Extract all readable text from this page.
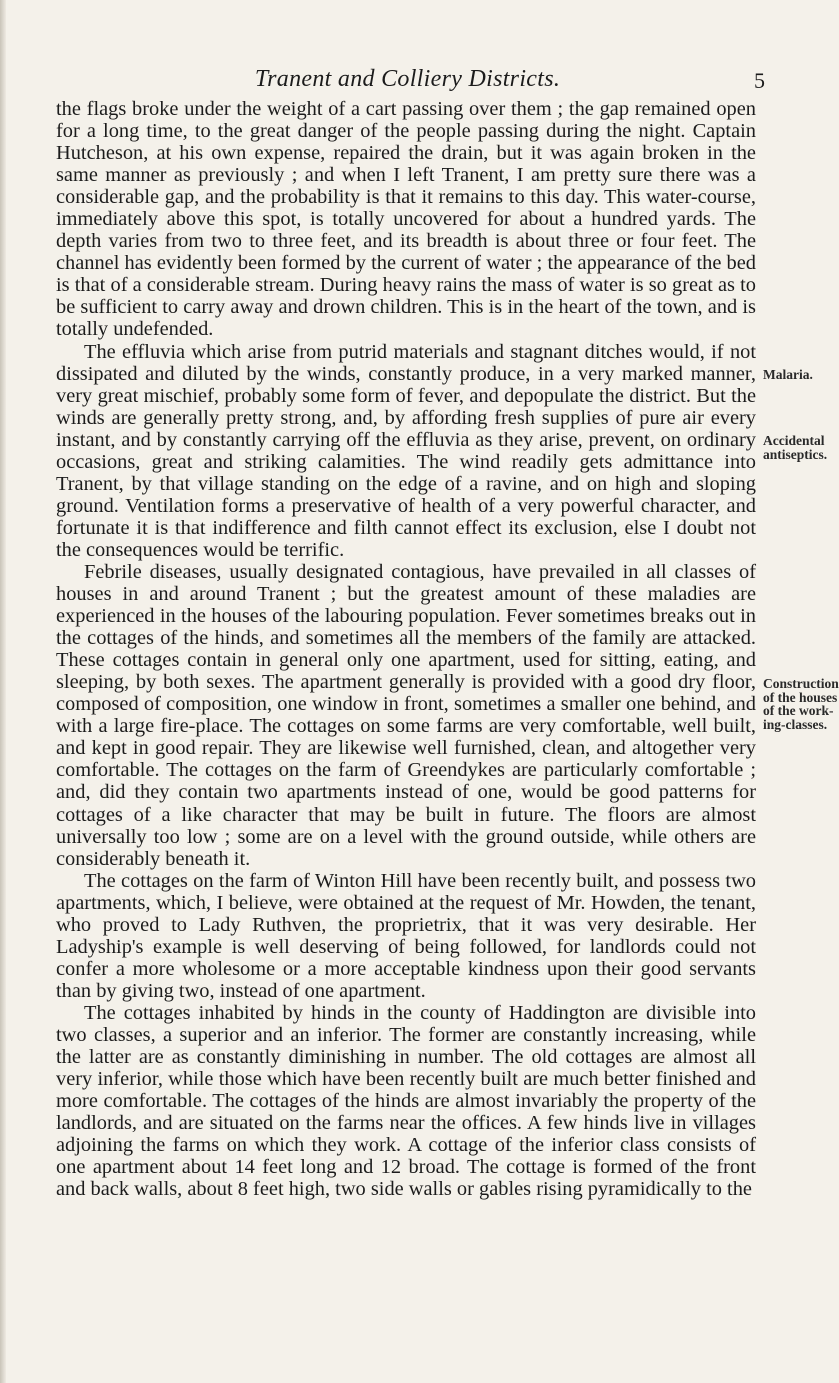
Tranent and Colliery Districts.	5

the flags broke under the weight of a cart passing over them ; the gap remained open for a long time, to the great danger of the people passing during the night. Captain Hutcheson, at his own expense, repaired the drain, but it was again broken in the same manner as previously ; and when I left Tranent, I am pretty sure there was a considerable gap, and the probability is that it remains to this day. This water-course, immediately above this spot, is totally uncovered for about a hundred yards. The depth varies from two to three feet, and its breadth is about three or four feet. The channel has evidently been formed by the current of water ; the appearance of the bed is that of a considerable stream. During heavy rains the mass of water is so great as to be sufficient to carry away and drown children. This is in the heart of the town, and is totally undefended.

The effluvia which arise from putrid materials and stagnant ditches would, if not dissipated and diluted by the winds, constantly produce, in a very marked manner, very great mischief, probably some form of fever, and depopulate the district. But the winds are generally pretty strong, and, by affording fresh supplies of pure air every instant, and by constantly carrying off the effluvia as they arise, prevent, on ordinary occasions, great and striking calamities. The wind readily gets admittance into Tranent, by that village standing on the edge of a ravine, and on high and sloping ground. Ventilation forms a preservative of health of a very powerful character, and fortunate it is that indifference and filth cannot effect its exclusion, else I doubt not the consequences would be terrific.

Febrile diseases, usually designated contagious, have prevailed in all classes of houses in and around Tranent ; but the greatest amount of these maladies are experienced in the houses of the labouring population. Fever sometimes breaks out in the cottages of the hinds, and sometimes all the members of the family are attacked. These cottages contain in general only one apartment, used for sitting, eating, and sleeping, by both sexes. The apartment generally is provided with a good dry floor, composed of composition, one window in front, sometimes a smaller one behind, and with a large fire-place. The cottages on some farms are very comfortable, well built, and kept in good repair. They are likewise well furnished, clean, and altogether very comfortable. The cottages on the farm of Greendykes are particularly comfortable ; and, did they contain two apartments instead of one, would be good patterns for cottages of a like character that may be built in future. The floors are almost universally too low ; some are on a level with the ground outside, while others are considerably beneath it.

The cottages on the farm of Winton Hill have been recently built, and possess two apartments, which, I believe, were obtained at the request of Mr. Howden, the tenant, who proved to Lady Ruthven, the proprietrix, that it was very desirable. Her Ladyship's example is well deserving of being followed, for landlords could not confer a more wholesome or a more acceptable kindness upon their good servants than by giving two, instead of one apartment.

The cottages inhabited by hinds in the county of Haddington are divisible into two classes, a superior and an inferior. The former are constantly increasing, while the latter are as constantly diminishing in number. The old cottages are almost all very inferior, while those which have been recently built are much better finished and more comfortable. The cottages of the hinds are almost invariably the property of the landlords, and are situated on the farms near the offices. A few hinds live in villages adjoining the farms on which they work. A cottage of the inferior class consists of one apartment about 14 feet long and 12 broad. The cottage is formed of the front and back walls, about 8 feet high, two side walls or gables rising pyramidically to the

Malaria.
Accidental
antiseptics.
Construction
of the houses
of the work-
ing-classes.
